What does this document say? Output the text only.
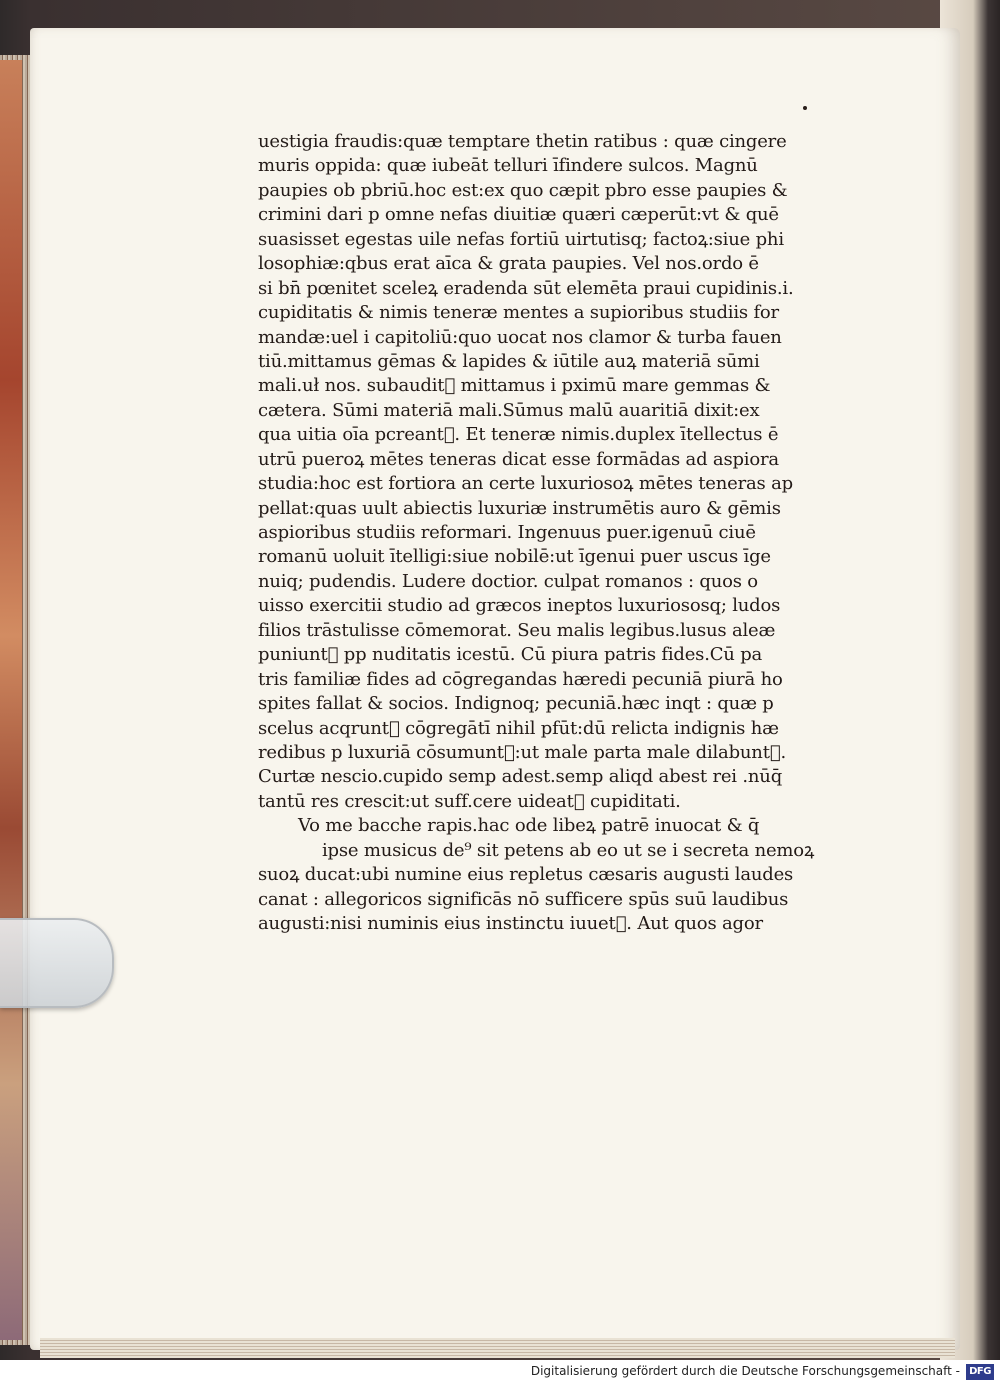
uestigia fraudis:quæ temptare thetin ratibus : quæ cingere
muris oppida: quæ iubeāt telluri īfindere sulcos. Magnū
paupies ob pbriū.hoc est:ex quo cæpit pbro esse paupies &
crimini dari p omne nefas diuitiæ quæri cæperūt:vt & quē
suasisset egestas uile nefas fortiū uirtutisq; factoꝝ:siue phi
losophiæ:qbus erat aīca & grata paupies. Vel nos.ordo ē
si bn̄ pœnitet sceleꝝ eradenda sūt elemēta praui cupidinis.i.
cupiditatis & nimis teneræ mentes a supioribus studiis for
mandæ:uel i capitoliū:quo uocat nos clamor & turba fauen
tiū.mittamus gēmas & lapides & iūtile auꝝ materiā sūmi
mali.uł nos. subauditᷣ mittamus i pximū mare gemmas &
cætera. Sūmi materiā mali.Sūmus malū auaritiā dixit:ex
qua uitia oīa pcreantᷣ. Et teneræ nimis.duplex ītellectus ē
utrū pueroꝝ mētes teneras dicat esse formādas ad aspiora
studia:hoc est fortiora an certe luxuriosoꝝ mētes teneras ap
pellat:quas uult abiectis luxuriæ instrumētis auro & gēmis
aspioribus studiis reformari. Ingenuus puer.igenuū ciuē
romanū uoluit ītelligi:siue nobilē:ut īgenui puer uscus īge
nuiq; pudendis. Ludere doctior. culpat romanos : quos o
uisso exercitii studio ad græcos ineptos luxuriososq; ludos
filios trāstulisse cōmemorat. Seu malis legibus.lusus aleæ
puniuntᷣ pp nuditatis icestū. Cū piura patris fides.Cū pa
tris familiæ fides ad cōgregandas hæredi pecuniā piurā ho
spites fallat & socios. Indignoq; pecuniā.hæc inqt : quæ p
scelus acqruntᷣ cōgregātī nihil pfūt:dū relicta indignis hæ
redibus p luxuriā cōsumuntᷣ:ut male parta male dilabuntᷣ.
Curtæ nescio.cupido semp adest.semp aliqd abest rei .nūq̄
tantū res crescit:ut suff.cere uideatᷣ cupiditati.
Vo me bacche rapis.hac ode libeꝝ patrē inuocat & q̄
ipse musicus de⁹ sit petens ab eo ut se i secreta nemoꝝ
suoꝝ ducat:ubi numine eius repletus cæsaris augusti laudes
canat : allegoricos significās nō sufficere spūs suū laudibus
augusti:nisi numinis eius instinctu iuuetᷣ. Aut quos agor
Digitalisierung gefördert durch die Deutsche Forschungsgemeinschaft - DFG
